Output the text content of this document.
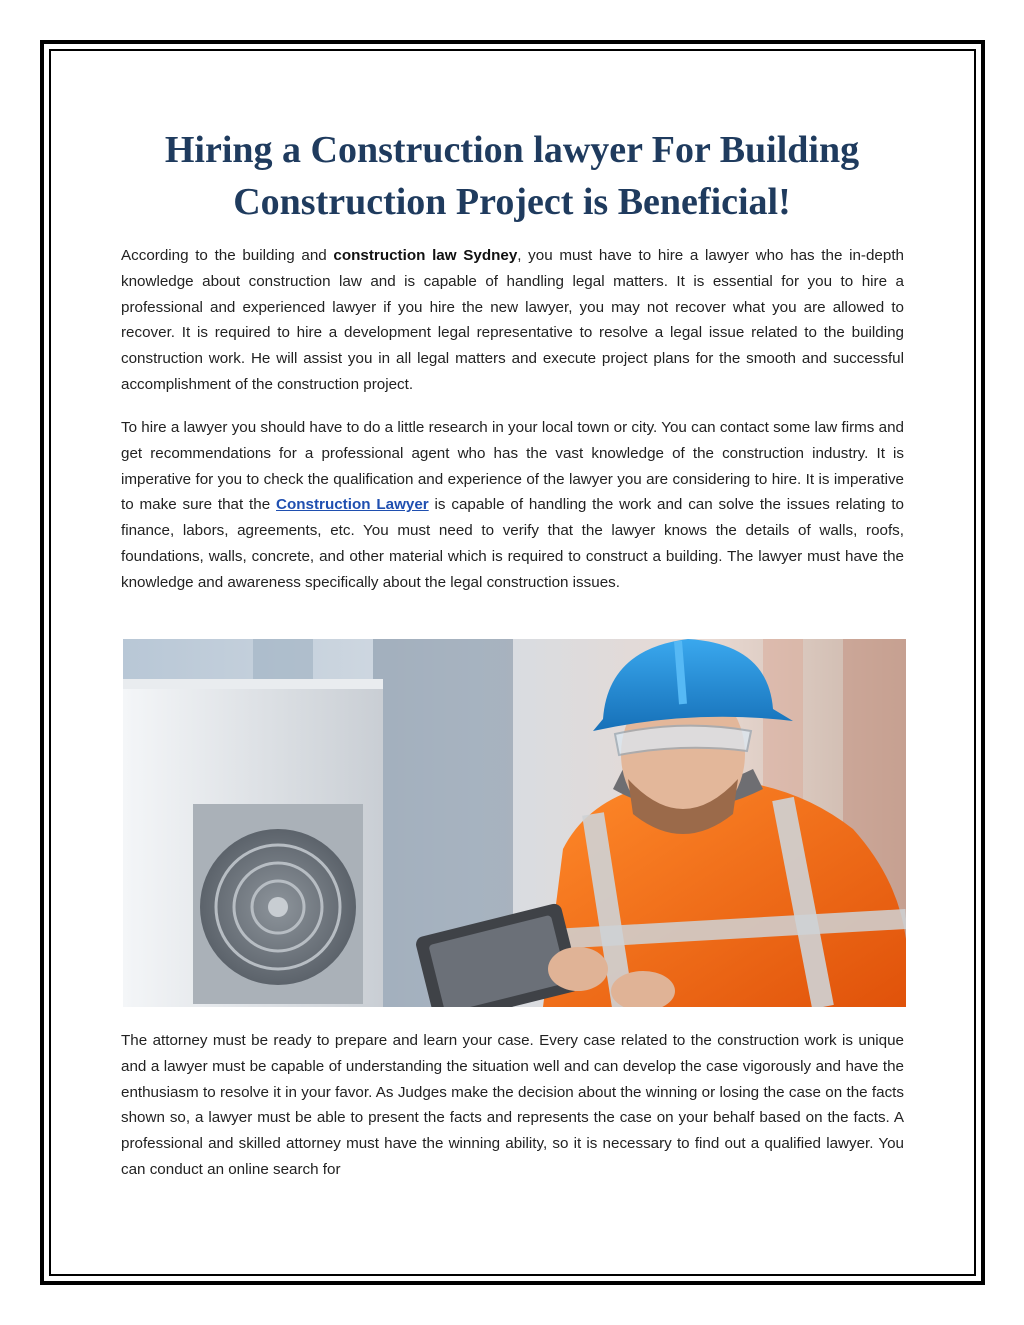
Hiring a Construction lawyer For Building Construction Project is Beneficial!

According to the building and construction law Sydney, you must have to hire a lawyer who has the in-depth knowledge about construction law and is capable of handling legal matters. It is essential for you to hire a professional and experienced lawyer if you hire the new lawyer, you may not recover what you are allowed to recover. It is required to hire a development legal representative to resolve a legal issue related to the building construction work. He will assist you in all legal matters and execute project plans for the smooth and successful accomplishment of the construction project.

To hire a lawyer you should have to do a little research in your local town or city. You can contact some law firms and get recommendations for a professional agent who has the vast knowledge of the construction industry. It is imperative for you to check the qualification and experience of the lawyer you are considering to hire. It is imperative to make sure that the Construction Lawyer is capable of handling the work and can solve the issues relating to finance, labors, agreements, etc. You must need to verify that the lawyer knows the details of walls, roofs, foundations, walls, concrete, and other material which is required to construct a building. The lawyer must have the knowledge and awareness specifically about the legal construction issues.

The attorney must be ready to prepare and learn your case. Every case related to the construction work is unique and a lawyer must be capable of understanding the situation well and can develop the case vigorously and have the enthusiasm to resolve it in your favor. As Judges make the decision about the winning or losing the case on the facts shown so, a lawyer must be able to present the facts and represents the case on your behalf based on the facts. A professional and skilled attorney must have the winning ability, so it is necessary to find out a qualified lawyer. You can conduct an online search for
